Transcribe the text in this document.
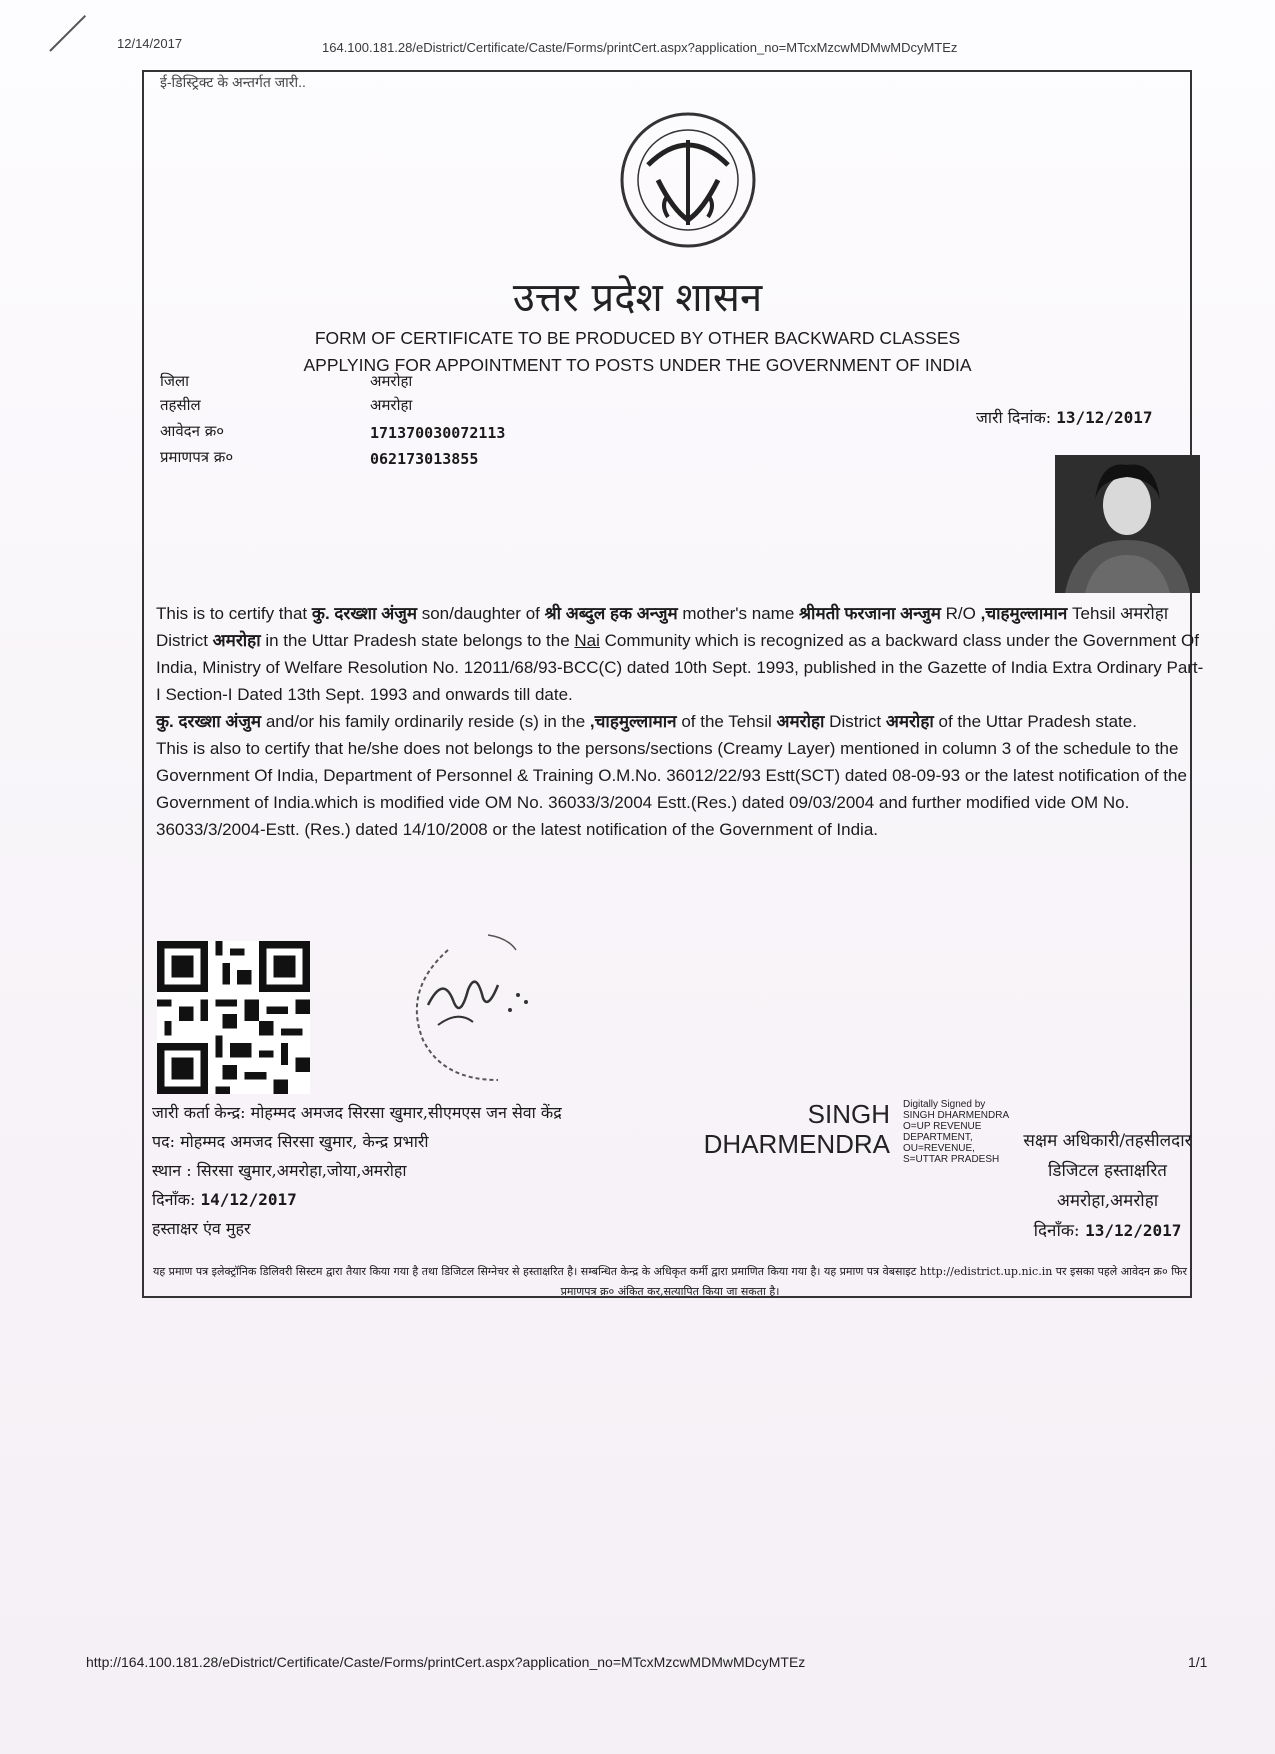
12/14/2017	164.100.181.28/eDistrict/Certificate/Caste/Forms/printCert.aspx?application_no=MTcxMzcwMDMwMDcyMTEz
ई-डिस्ट्रिक्ट के अन्तर्गत जारी..
उत्तर प्रदेश शासन
FORM OF CERTIFICATE TO BE PRODUCED BY OTHER BACKWARD CLASSES
APPLYING FOR APPOINTMENT TO POSTS UNDER THE GOVERNMENT OF INDIA
जिला	अमरोहा
तहसील	अमरोहा
आवेदन क्र०	171370030072113
प्रमाणपत्र क्र०	062173013855
जारी दिनांक: 13/12/2017

This is to certify that कु. दरख्शा अंजुम son/daughter of श्री अब्दुल हक अन्जुम mother's name श्रीमती फरजाना अन्जुम R/O ,चाहमुल्लामान Tehsil अमरोहा District अमरोहा in the Uttar Pradesh state belongs to the Nai Community which is recognized as a backward class under the Government Of India, Ministry of Welfare Resolution No. 12011/68/93-BCC(C) dated 10th Sept. 1993, published in the Gazette of India Extra Ordinary Part-I Section-I Dated 13th Sept. 1993 and onwards till date.

कु. दरख्शा अंजुम and/or his family ordinarily reside (s) in the ,चाहमुल्लामान of the Tehsil अमरोहा District अमरोहा of the Uttar Pradesh state.

This is also to certify that he/she does not belongs to the persons/sections (Creamy Layer) mentioned in column 3 of the schedule to the Government Of India, Department of Personnel & Training O.M.No. 36012/22/93 Estt(SCT) dated 08-09-93 or the latest notification of the Government of India.which is modified vide OM No. 36033/3/2004 Estt.(Res.) dated 09/03/2004 and further modified vide OM No. 36033/3/2004-Estt. (Res.) dated 14/10/2008 or the latest notification of the Government of India.

जारी कर्ता केन्द्र: मोहम्मद अमजद सिरसा खुमार,सीएमएस जन सेवा केंद्र
पद: मोहम्मद अमजद सिरसा खुमार, केन्द्र प्रभारी
स्थान : सिरसा खुमार,अमरोहा,जोया,अमरोहा
दिनाँक: 14/12/2017
हस्ताक्षर एंव मुहर
SINGH
DHARMENDRA
Digitally Signed by SINGH DHARMENDRA O=UP REVENUE DEPARTMENT, OU=REVENUE, S=UTTAR PRADESH
सक्षम अधिकारी/तहसीलदार
डिजिटल हस्ताक्षरित
अमरोहा,अमरोहा
दिनाँक: 13/12/2017
यह प्रमाण पत्र इलेक्ट्रॉनिक डिलिवरी सिस्टम द्वारा तैयार किया गया है तथा डिजिटल सिग्नेचर से हस्ताक्षरित है। सम्बन्धित केन्द्र के अधिकृत कर्मी द्वारा प्रमाणित किया गया है। यह प्रमाण पत्र वेबसाइट http://edistrict.up.nic.in पर इसका पहले आवेदन क्र० फिर प्रमाणपत्र क्र० अंकित कर,सत्यापित किया जा सकता है।
http://164.100.181.28/eDistrict/Certificate/Caste/Forms/printCert.aspx?application_no=MTcxMzcwMDMwMDcyMTEz	1/1
